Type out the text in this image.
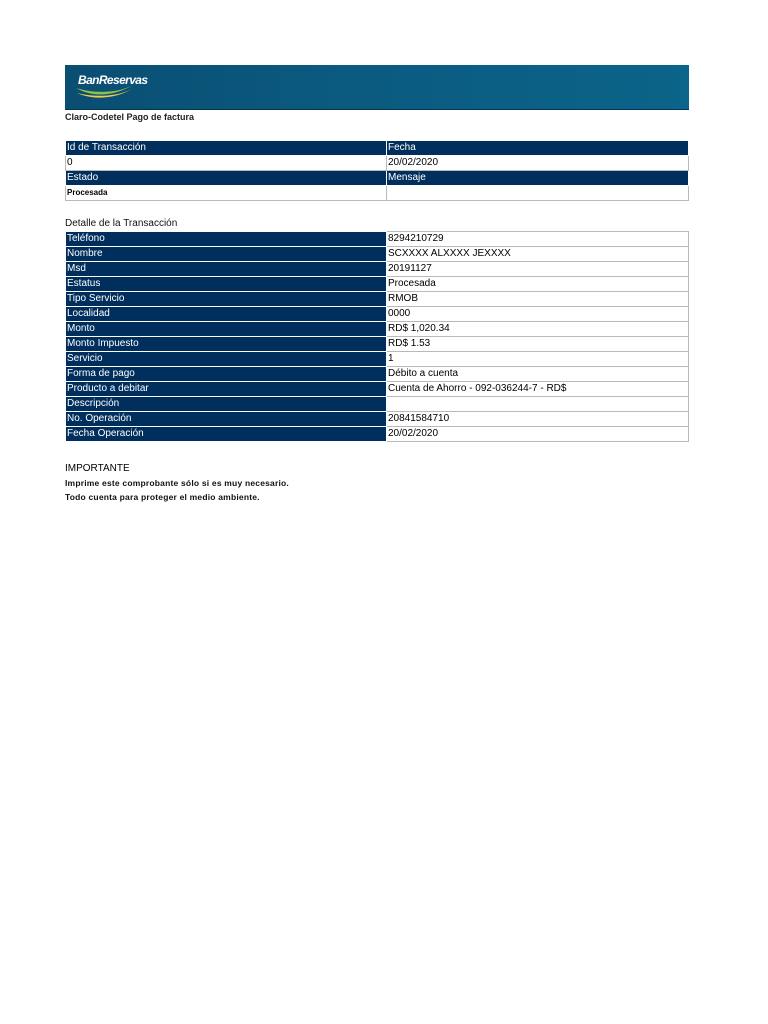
BanReservas
Claro-Codetel Pago de factura
Id de Transacción	Fecha
0	20/02/2020
Estado	Mensaje
Procesada	
Detalle de la Transacción
Teléfono	8294210729
Nombre	SCXXXX ALXXXX JEXXXX
Msd	20191127
Estatus	Procesada
Tipo Servicio	RMOB
Localidad	0000
Monto	RD$ 1,020.34
Monto Impuesto	RD$ 1.53
Servicio	1
Forma de pago	Débito a cuenta
Producto a debitar	Cuenta de Ahorro - 092-036244-7 - RD$
Descripción	
No. Operación	20841584710
Fecha Operación	20/02/2020
IMPORTANTE
Imprime este comprobante sólo si es muy necesario.
Todo cuenta para proteger el medio ambiente.
